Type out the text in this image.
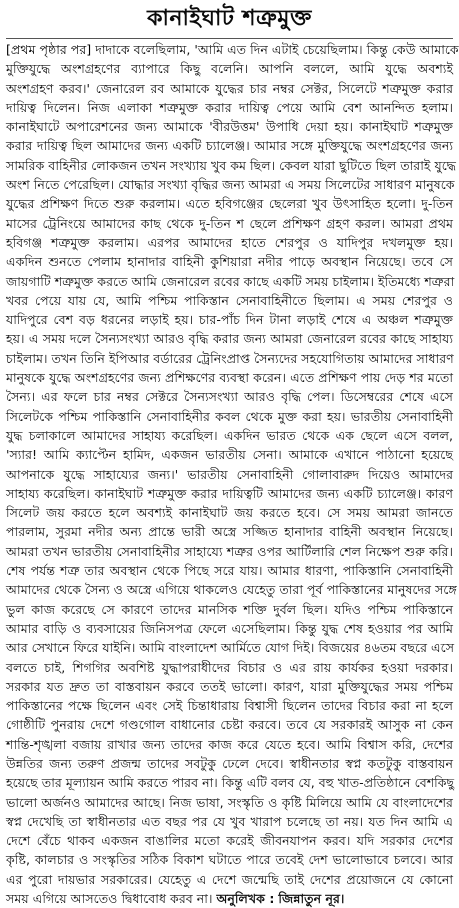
কানাইঘাট শত্রুমুক্ত
[প্রথম পৃষ্ঠার পর] দাদাকে বলেছিলাম, 'আমি এত দিন এটাই চেয়েছিলাম। কিন্তু কেউ আমাকে
মুক্তিযুদ্ধে অংশগ্রহণের ব্যাপারে কিছু বলেনি। আপনি বললে, আমি যুদ্ধে অবশ্যই
অংশগ্রহণ করব।' জেনারেল রব আমাকে যুদ্ধের চার নম্বর সেক্টর, সিলেটে শত্রুমুক্ত করার
দায়িত্ব দিলেন। নিজ এলাকা শত্রুমুক্ত করার দায়িত্ব পেয়ে আমি বেশ আনন্দিত হলাম।
কানাইঘাটে অপারেশনের জন্য আমাকে 'বীরউত্তম' উপাধি দেয়া হয়। কানাইঘাট শত্রুমুক্ত
করার দায়িত্ব ছিল আমাদের জন্য একটি চ্যালেঞ্জ। আমার সঙ্গে মুক্তিযুদ্ধে অংশগ্রহণের জন্য
সামরিক বাহিনীর লোকজন তখন সংখ্যায় খুব কম ছিল। কেবল যারা ছুটিতে ছিল তারাই যুদ্ধে
অংশ নিতে পেরেছিল। যোদ্ধার সংখ্যা বৃদ্ধির জন্য আমরা এ সময় সিলেটের সাধারণ মানুষকে
যুদ্ধের প্রশিক্ষণ দিতে শুরু করলাম। এতে হবিগঞ্জের ছেলেরা খুব উৎসাহিত হলো। দু-তিন
মাসের ট্রেনিংয়ে আমাদের কাছ থেকে দু-তিন শ ছেলে প্রশিক্ষণ গ্রহণ করল। আমরা প্রথম
হবিগঞ্জ শত্রুমুক্ত করলাম। এরপর আমাদের হাতে শেরপুর ও যাদিপুর দখলমুক্ত হয়।
একদিন শুনতে পেলাম হানাদার বাহিনী কুশিয়ারা নদীর পাড়ে অবস্থান নিয়েছে। তবে সে
জায়গাটি শত্রুমুক্ত করতে আমি জেনারেল রবের কাছে একটি সময় চাইলাম। ইতিমধ্যে শত্রুরা
খবর পেয়ে যায় যে, আমি পশ্চিম পাকিস্তান সেনাবাহিনীতে ছিলাম। এ সময় শেরপুর ও
যাদিপুরে বেশ বড় ধরনের লড়াই হয়। চার-পাঁচ দিন টানা লড়াই শেষে এ অঞ্চল শত্রুমুক্ত
হয়। এ সময় দলে সৈন্যসংখ্যা আরও বৃদ্ধি করার জন্য আমরা জেনারেল রবের কাছে সাহায্য
চাইলাম। তখন তিনি ইপিআর বর্ডারের ট্রেনিংপ্রাপ্ত সৈন্যদের সহযোগিতায় আমাদের সাধারণ
মানুষকে যুদ্ধে অংশগ্রহণের জন্য প্রশিক্ষণের ব্যবস্থা করেন। এতে প্রশিক্ষণ পায় দেড় শর মতো
সৈন্য। এর ফলে চার নম্বর সেক্টরে সৈন্যসংখ্যা আরও বৃদ্ধি পেল। ডিসেম্বরের শেষে এসে
সিলেটকে পশ্চিম পাকিস্তানি সেনাবাহিনীর কবল থেকে মুক্ত করা হয়। ভারতীয় সেনাবাহিনী
যুদ্ধ চলাকালে আমাদের সাহায্য করেছিল। একদিন ভারত থেকে এক ছেলে এসে বলল,
'স্যার! আমি ক্যাপ্টেন হামিদ, একজন ভারতীয় সেনা। আমাকে এখানে পাঠানো হয়েছে
আপনাকে যুদ্ধে সাহায্যের জন্য।' ভারতীয় সেনাবাহিনী গোলাবারুদ দিয়েও আমাদের
সাহায্য করেছিল। কানাইঘাট শত্রুমুক্ত করার দায়িত্বটি আমাদের জন্য একটি চ্যালেঞ্জ। কারণ
সিলেট জয় করতে হলে অবশ্যই কানাইঘাট জয় করতে হবে। সে সময় আমরা জানতে
পারলাম, সুরমা নদীর অন্য প্রান্তে ভারী অস্ত্রে সজ্জিত হানাদার বাহিনী অবস্থান নিয়েছে।
আমরা তখন ভারতীয় সেনাবাহিনীর সাহায্যে শত্রুর ওপর আর্টিলারি শেল নিক্ষেপ শুরু করি।
শেষ পর্যন্ত শত্রু তার অবস্থান থেকে পিছে সরে যায়। আমার ধারণা, পাকিস্তানি সেনাবাহিনী
আমাদের থেকে সৈন্য ও অস্ত্রে এগিয়ে থাকলেও যেহেতু তারা পূর্ব পাকিস্তানের মানুষদের সঙ্গে
ভুল কাজ করেছে সে কারণে তাদের মানসিক শক্তি দুর্বল ছিল। যদিও পশ্চিম পাকিস্তানে
আমার বাড়ি ও ব্যবসায়ের জিনিসপত্র ফেলে এসেছিলাম। কিন্তু যুদ্ধ শেষ হওয়ার পর আমি
আর সেখানে ফিরে যাইনি। আমি বাংলাদেশ আর্মিতে যোগ দিই। বিজয়ের ৪৬তম বছরে এসে
বলতে চাই, শিগগির অবশিষ্ট যুদ্ধাপরাধীদের বিচার ও এর রায় কার্যকর হওয়া দরকার।
সরকার যত দ্রুত তা বাস্তবায়ন করবে ততই ভালো। কারণ, যারা মুক্তিযুদ্ধের সময় পশ্চিম
পাকিস্তানের পক্ষে ছিলেন এবং সেই চিন্তাধারায় বিশ্বাসী ছিলেন তাদের বিচার করা না হলে
গোষ্ঠীটি পুনরায় দেশে গণ্ডগোল বাধানোর চেষ্টা করবে। তবে যে সরকারই আসুক না কেন
শান্তি-শৃঙ্খলা বজায় রাখার জন্য তাদের কাজ করে যেতে হবে। আমি বিশ্বাস করি, দেশের
উন্নতির জন্য তরুণ প্রজন্ম তাদের সবটুকু ঢেলে দেবে। স্বাধীনতার স্বপ্ন কতটুকু বাস্তবায়ন
হয়েছে তার মূল্যায়ন আমি করতে পারব না। কিন্তু এটি বলব যে, বহু খাত-প্রতিষ্ঠানে বেশকিছু
ভালো অর্জনও আমাদের আছে। নিজ ভাষা, সংস্কৃতি ও কৃষ্টি মিলিয়ে আমি যে বাংলাদেশের
স্বপ্ন দেখেছি তা স্বাধীনতার এত বছর পর যে খুব খারাপ চলেছে তা নয়। যত দিন আমি এ
দেশে বেঁচে থাকব একজন বাঙালির মতো করেই জীবনযাপন করব। যদি সরকার দেশের
কৃষ্টি, কালচার ও সংস্কৃতির সঠিক বিকাশ ঘটাতে পারে তবেই দেশ ভালোভাবে চলবে। আর
এর পুরো দায়ভার সরকারের। যেহেতু এ দেশে জন্মেছি তাই দেশের প্রয়োজনে যে কোনো
সময় এগিয়ে আসতেও দ্বিধাবোধ করব না। অনুলিখক : জিন্নাতুন নূর।
